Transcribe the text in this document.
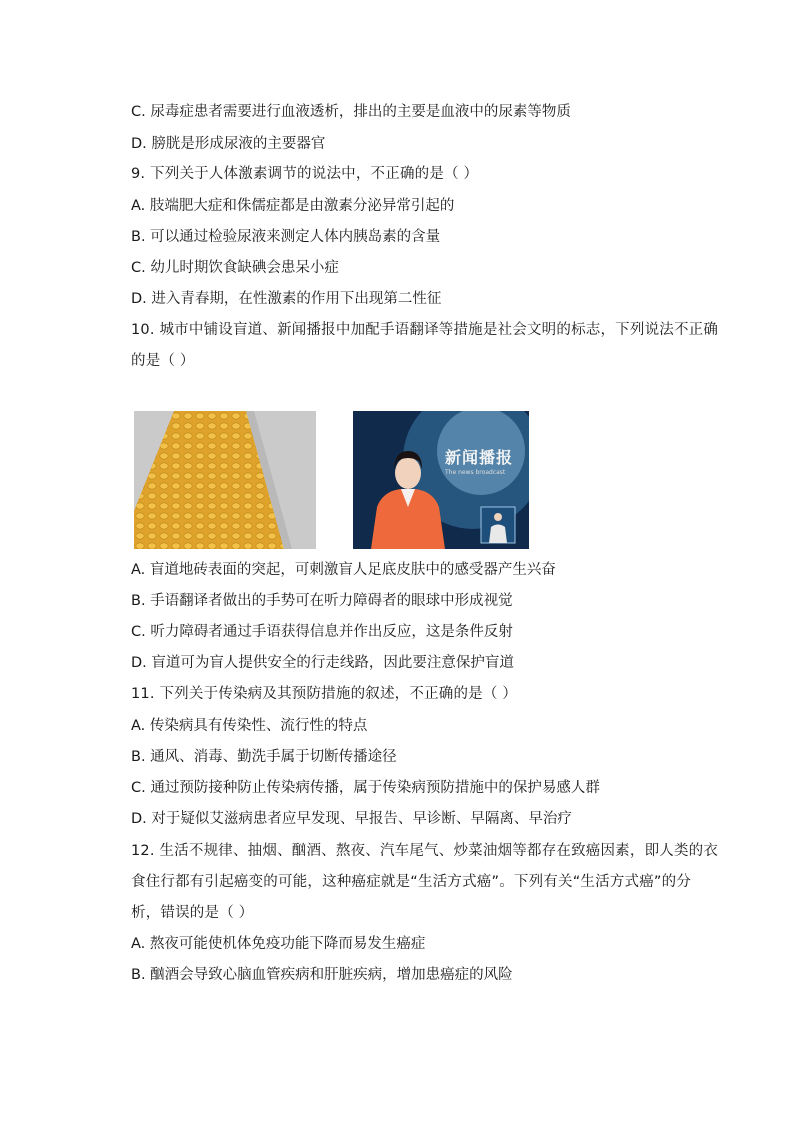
C. 尿毒症患者需要进行血液透析，排出的主要是血液中的尿素等物质
D. 膀胱是形成尿液的主要器官
9. 下列关于人体激素调节的说法中，不正确的是（ ）
A. 肢端肥大症和侏儒症都是由激素分泌异常引起的
B. 可以通过检验尿液来测定人体内胰岛素的含量
C. 幼儿时期饮食缺碘会患呆小症
D. 进入青春期，在性激素的作用下出现第二性征
10. 城市中铺设盲道、新闻播报中加配手语翻译等措施是社会文明的标志，下列说法不正确
的是（ ）
新闻播报
The news broadcast
A. 盲道地砖表面的突起，可刺激盲人足底皮肤中的感受器产生兴奋
B. 手语翻译者做出的手势可在听力障碍者的眼球中形成视觉
C. 听力障碍者通过手语获得信息并作出反应，这是条件反射
D. 盲道可为盲人提供安全的行走线路，因此要注意保护盲道
11. 下列关于传染病及其预防措施的叙述，不正确的是（ ）
A. 传染病具有传染性、流行性的特点
B. 通风、消毒、勤洗手属于切断传播途径
C. 通过预防接种防止传染病传播，属于传染病预防措施中的保护易感人群
D. 对于疑似艾滋病患者应早发现、早报告、早诊断、早隔离、早治疗
12. 生活不规律、抽烟、酗酒、熬夜、汽车尾气、炒菜油烟等都存在致癌因素，即人类的衣
食住行都有引起癌变的可能，这种癌症就是“生活方式癌”。下列有关“生活方式癌”的分
析，错误的是（ ）
A. 熬夜可能使机体免疫功能下降而易发生癌症
B. 酗酒会导致心脑血管疾病和肝脏疾病，增加患癌症的风险
